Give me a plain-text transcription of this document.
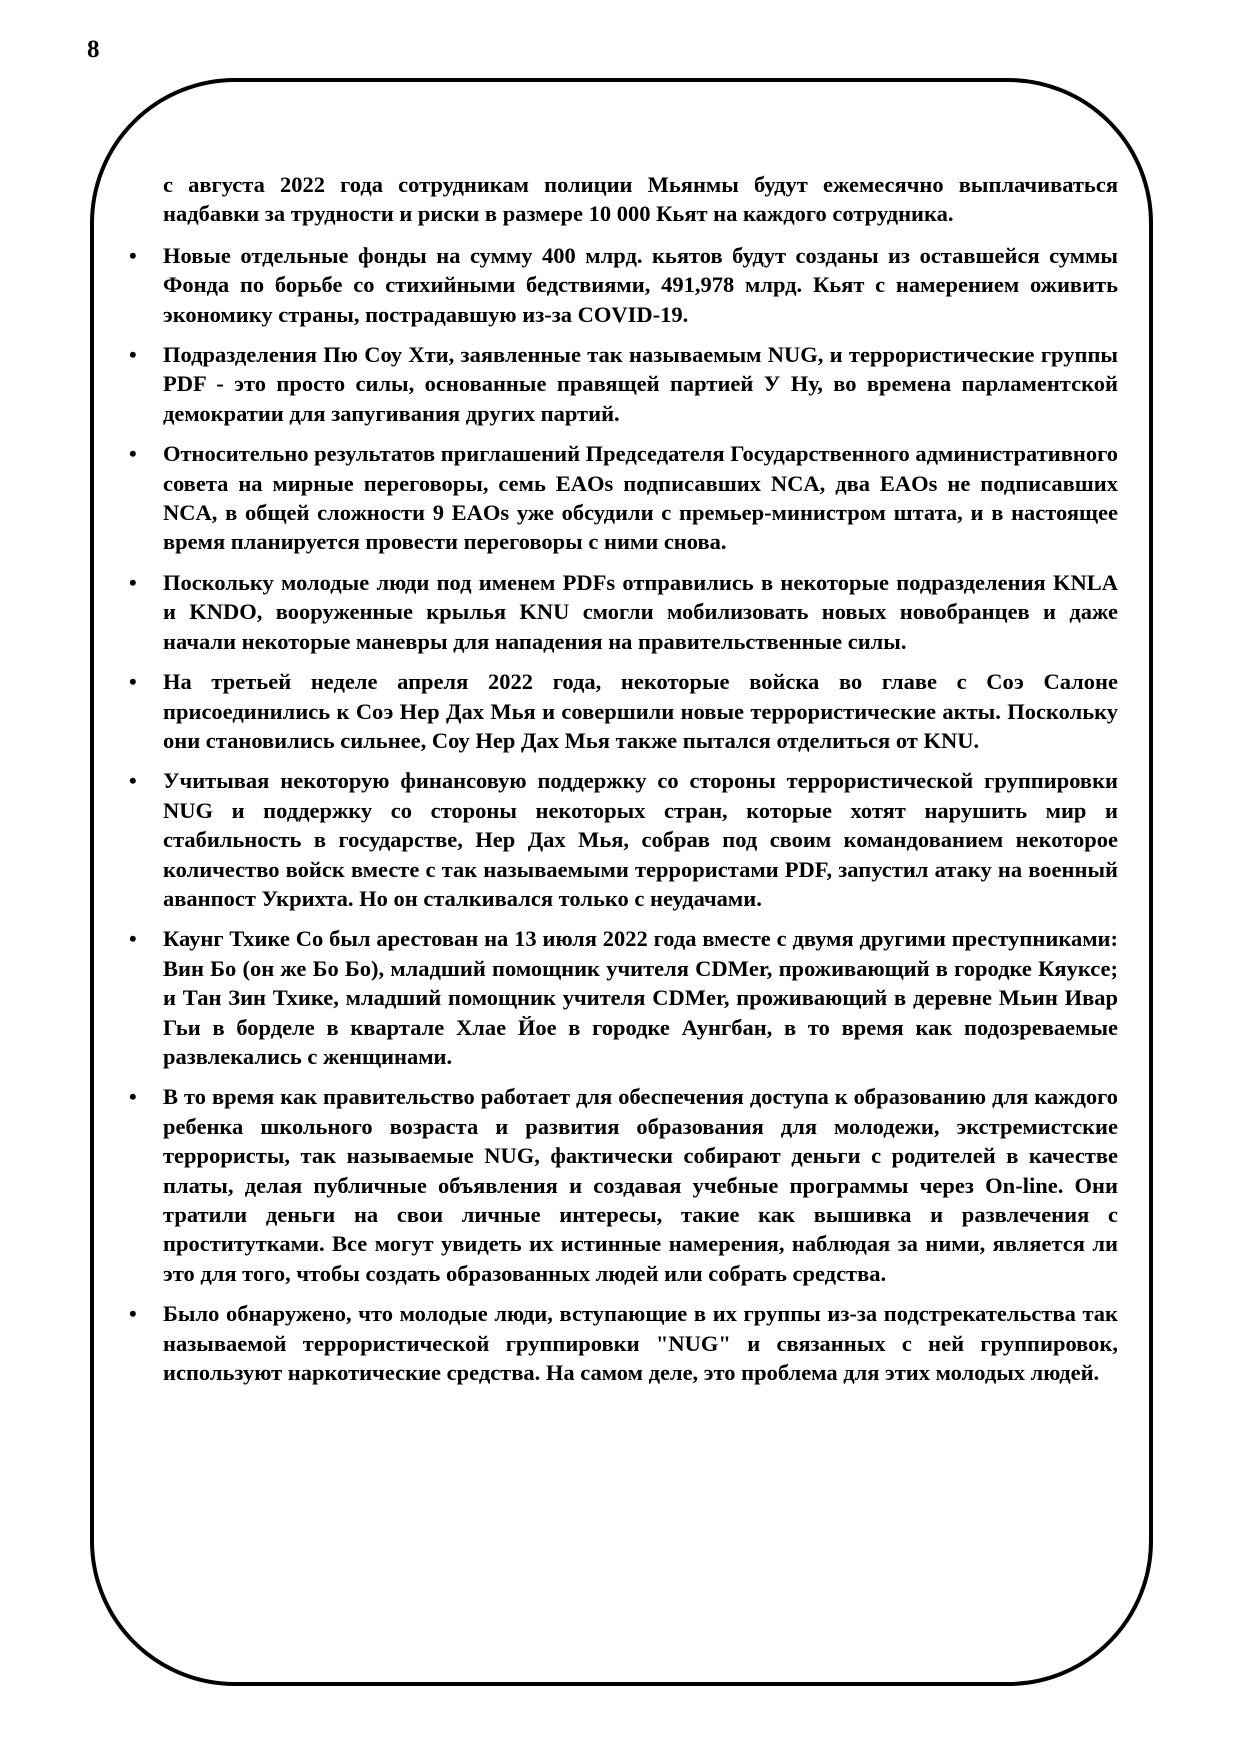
8

с августа 2022 года сотрудникам полиции Мьянмы будут ежемесячно выплачиваться надбавки за трудности и риски в размере 10 000 Кьят на каждого сотрудника.

• Новые отдельные фонды на сумму 400 млрд. кьятов будут созданы из оставшейся суммы Фонда по борьбе со стихийными бедствиями, 491,978 млрд. Кьят с намерением оживить экономику страны, пострадавшую из-за COVID-19.
• Подразделения Пю Соу Хти, заявленные так называемым NUG, и террористические группы PDF - это просто силы, основанные правящей партией У Ну, во времена парламентской демократии для запугивания других партий.
• Относительно результатов приглашений Председателя Государственного административного совета на мирные переговоры, семь EAOs подписавших NCA, два EAOs не подписавших NCA, в общей сложности 9 EAOs уже обсудили с премьер-министром штата, и в настоящее время планируется провести переговоры с ними снова.
• Поскольку молодые люди под именем PDFs отправились в некоторые подразделения KNLA и KNDO, вооруженные крылья KNU смогли мобилизовать новых новобранцев и даже начали некоторые маневры для нападения на правительственные силы.
• На третьей неделе апреля 2022 года, некоторые войска во главе с Соэ Салоне присоединились к Соэ Нер Дах Мья и совершили новые террористические акты. Поскольку они становились сильнее, Соу Нер Дах Мья также пытался отделиться от KNU.
• Учитывая некоторую финансовую поддержку со стороны террористической группировки NUG и поддержку со стороны некоторых стран, которые хотят нарушить мир и стабильность в государстве, Нер Дах Мья, собрав под своим командованием некоторое количество войск вместе с так называемыми террористами PDF, запустил атаку на военный аванпост Укрихта. Но он сталкивался только с неудачами.
• Каунг Тхике Со был арестован на 13 июля 2022 года вместе с двумя другими преступниками: Вин Бо (он же Бо Бо), младший помощник учителя CDMer, проживающий в городке Кяуксе; и Тан Зин Тхике, младший помощник учителя CDMer, проживающий в деревне Мьин Ивар Гьи в борделе в квартале Хлае Йое в городке Аунгбан, в то время как подозреваемые развлекались с женщинами.
• В то время как правительство работает для обеспечения доступа к образованию для каждого ребенка школьного возраста и развития образования для молодежи, экстремистские террористы, так называемые NUG, фактически собирают деньги с родителей в качестве платы, делая публичные объявления и создавая учебные программы через On-line. Они тратили деньги на свои личные интересы, такие как вышивка и развлечения с проститутками. Все могут увидеть их истинные намерения, наблюдая за ними, является ли это для того, чтобы создать образованных людей или собрать средства.
• Было обнаружено, что молодые люди, вступающие в их группы из-за подстрекательства так называемой террористической группировки "NUG" и связанных с ней группировок, используют наркотические средства. На самом деле, это проблема для этих молодых людей.
